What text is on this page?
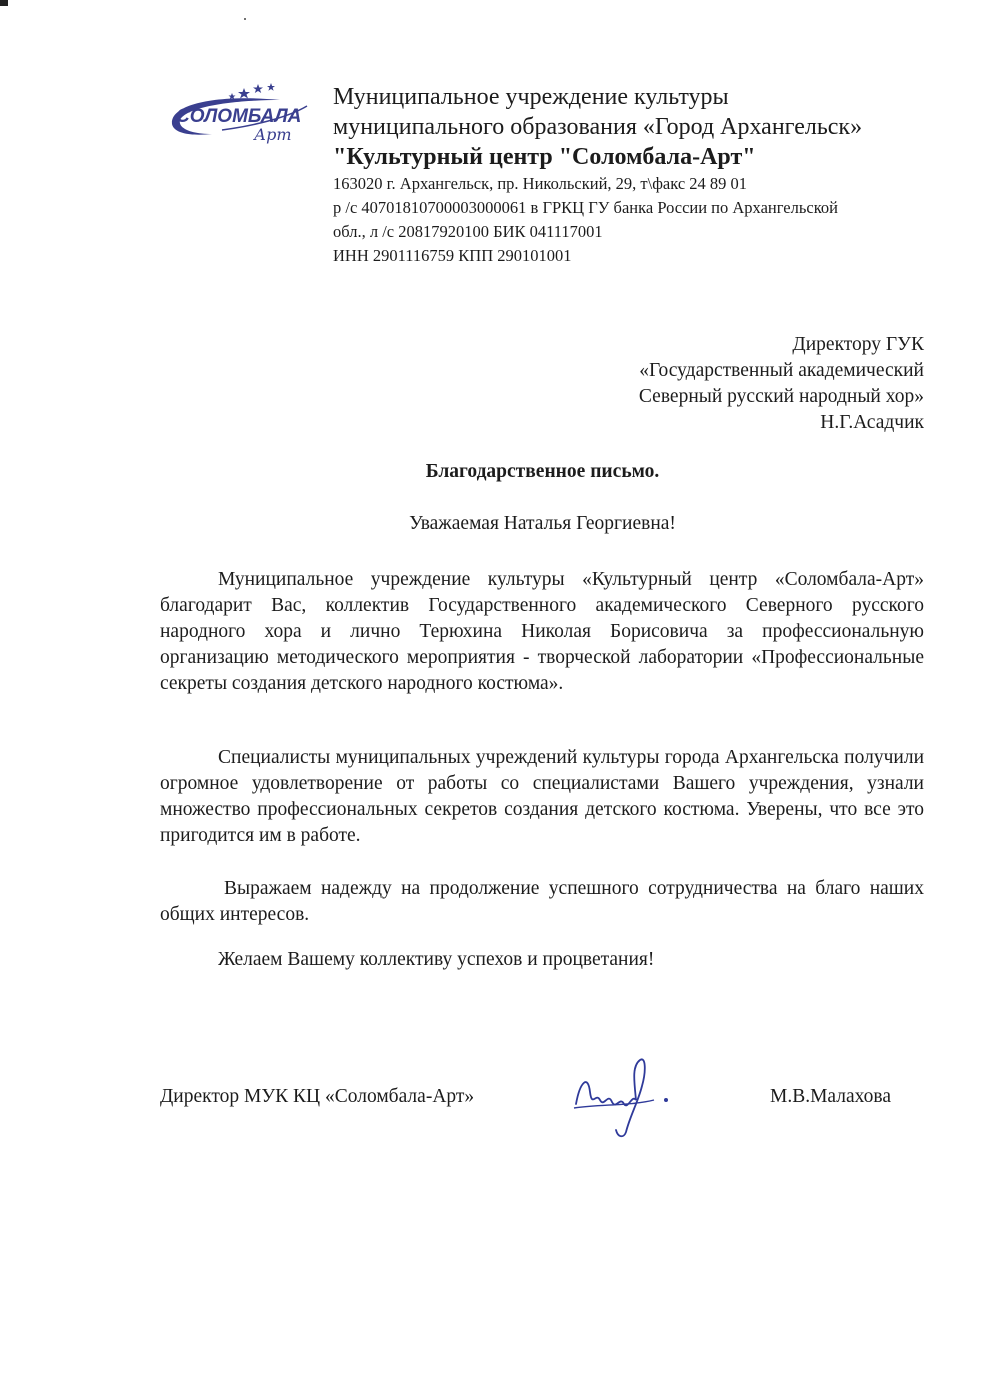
СОЛОМБАЛА
Арт
Муниципальное учреждение культуры
муниципального образования «Город Архангельск»
"Культурный центр "Соломбала-Арт"
163020 г. Архангельск, пр. Никольский, 29, т\факс 24 89 01
р /с 40701810700003000061 в ГРКЦ ГУ банка России по Архангельской
обл., л /с 20817920100 БИК 041117001
ИНН 2901116759 КПП 290101001
Директору ГУК
«Государственный академический
Северный русский народный хор»
Н.Г.Асадчик
Благодарственное письмо.
Уважаемая Наталья Георгиевна!
Муниципальное учреждение культуры «Культурный центр «Соломбала-Арт» благодарит Вас, коллектив Государственного академического Северного русского народного хора и лично Терюхина Николая Борисовича за профессиональную организацию методического мероприятия - творческой лаборатории «Профессиональные секреты создания детского народного костюма».
Специалисты муниципальных учреждений культуры города Архангельска получили огромное удовлетворение от работы со специалистами Вашего учреждения, узнали множество профессиональных секретов создания детского костюма. Уверены, что все это пригодится им в работе.
Выражаем надежду на продолжение успешного сотрудничества на благо наших общих интересов.
Желаем Вашему коллективу успехов и процветания!
Директор МУК КЦ «Соломбала-Арт»	М.В.Малахова
